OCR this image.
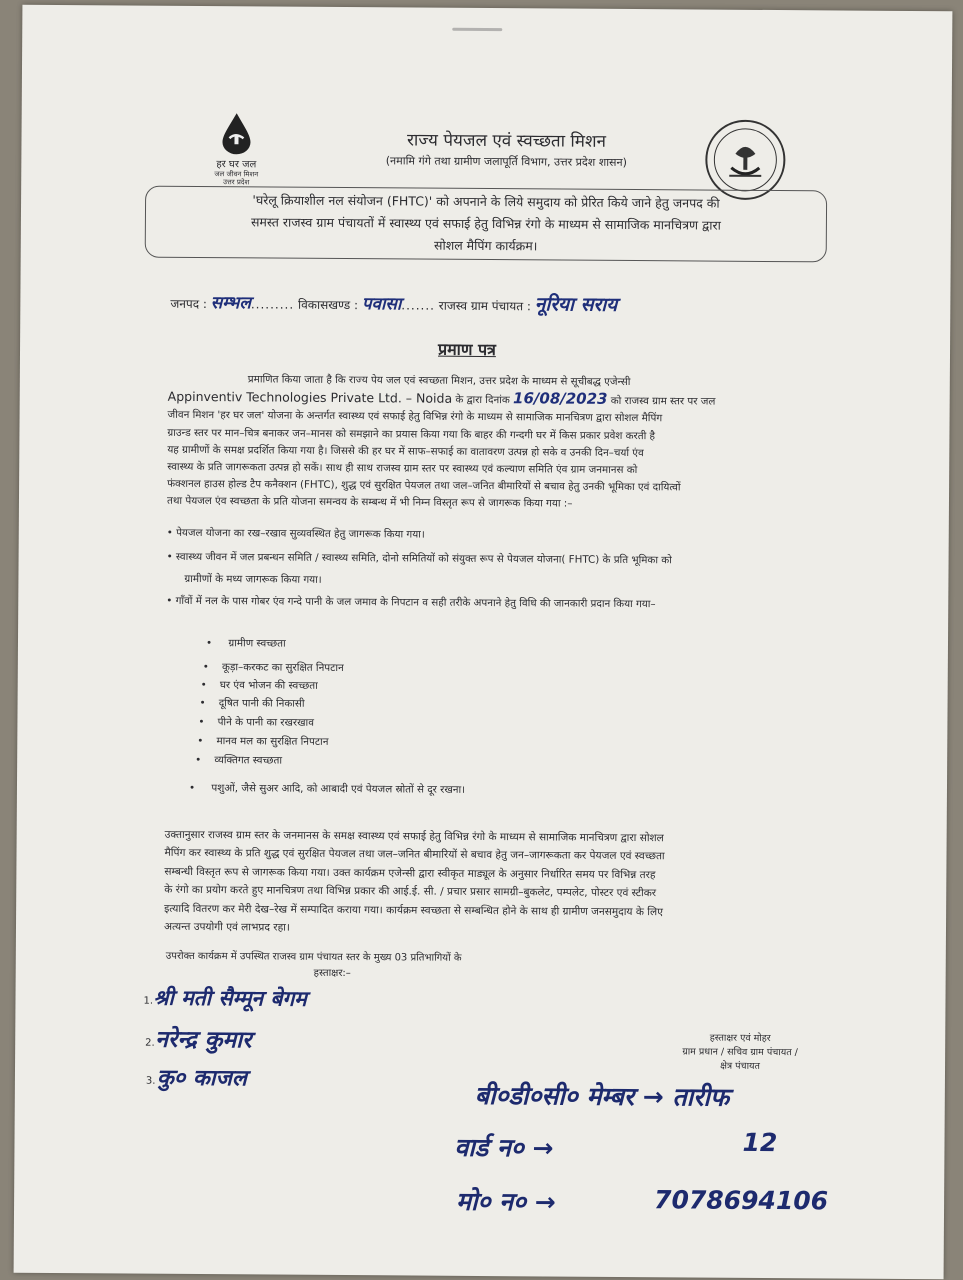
हर घर जल
जल जीवन मिशन
उत्तर प्रदेश
राज्य पेयजल एवं स्वच्छता मिशन
(नमामि गंगे तथा ग्रामीण जलापूर्ति विभाग, उत्तर प्रदेश शासन)
'घरेलू क्रियाशील नल संयोजन (FHTC)' को अपनाने के लिये समुदाय को प्रेरित किये जाने हेतु जनपद की
समस्त राजस्व ग्राम पंचायतों में स्वास्थ्य एवं सफाई हेतु विभिन्न रंगो के माध्यम से सामाजिक मानचित्रण द्वारा
सोशल मैपिंग कार्यक्रम।
जनपद : सम्भल......... विकासखण्ड : पवासा....... राजस्व ग्राम पंचायत : नूरिया सराय
प्रमाण पत्र
प्रमाणित किया जाता है कि राज्य पेय जल एवं स्वच्छता मिशन, उत्तर प्रदेश के माध्यम से सूचीबद्ध एजेन्सी
Appinventiv Technologies Private Ltd. – Noida के द्वारा दिनांक 16/08/2023 को राजस्व ग्राम स्तर पर जल
जीवन मिशन 'हर घर जल' योजना के अन्तर्गत स्वास्थ्य एवं सफाई हेतु विभिन्न रंगो के माध्यम से सामाजिक मानचित्रण द्वारा सोशल मैपिंग
ग्राउन्ड स्तर पर मान–चित्र बनाकर जन–मानस को समझाने का प्रयास किया गया कि बाहर की गन्दगी घर में किस प्रकार प्रवेश करती है
यह ग्रामीणों के समक्ष प्रदर्शित किया गया है। जिससे की हर घर में साफ–सफाई का वातावरण उत्पन्न हो सके व उनकी दिन–चर्या एंव
स्वास्थ्य के प्रति जागरूकता उत्पन्न हो सकें। साथ ही साथ राजस्व ग्राम स्तर पर स्वास्थ्य एवं कल्याण समिति एंव ग्राम जनमानस को
फंक्शनल हाउस होल्ड टैप कनैक्शन (FHTC), शुद्ध एवं सुरक्षित पेयजल तथा जल–जनित बीमारियों से बचाव हेतु उनकी भूमिका एवं दायित्वों
तथा पेयजल एंव स्वच्छता के प्रति योजना समन्वय के सम्बन्ध में भी निम्न विस्तृत रूप से जागरूक किया गया :–
• पेयजल योजना का रख–रखाव सुव्यवस्थित हेतु जागरूक किया गया।
• स्वास्थ्य जीवन में जल प्रबन्धन समिति / स्वास्थ्य समिति, दोनो समितियों को संयुक्त रूप से पेयजल योजना( FHTC) के प्रति भूमिका को
ग्रामीणों के मध्य जागरूक किया गया।
• गाँवों में नल के पास गोबर एंव गन्दे पानी के जल जमाव के निपटान व सही तरीके अपनाने हेतु विधि की जानकारी प्रदान किया गया–
•     ग्रामीण स्वच्छता
•    कूड़ा–करकट का सुरक्षित निपटान
•    घर एंव भोजन की स्वच्छता
•    दूषित पानी की निकासी
•    पीने के पानी का रखरखाव
•    मानव मल का सुरक्षित निपटान
•    व्यक्तिगत स्वच्छता
•     पशुओं, जैसे सुअर आदि, को आबादी एवं पेयजल स्रोतों से दूर रखना।
उक्तानुसार राजस्व ग्राम स्तर के जनमानस के समक्ष स्वास्थ्य एवं सफाई हेतु विभिन्न रंगो के माध्यम से सामाजिक मानचित्रण द्वारा सोशल
मैपिंग कर स्वास्थ्य के प्रति शुद्ध एवं सुरक्षित पेयजल तथा जल–जनित बीमारियों से बचाव हेतु जन–जागरूकता कर पेयजल एवं स्वच्छता
सम्बन्धी विस्तृत रूप से जागरूक किया गया। उक्त कार्यक्रम एजेन्सी द्वारा स्वीकृत माड्यूल के अनुसार निर्धारित समय पर विभिन्न तरह
के रंगो का प्रयोग करते हुए मानचित्रण तथा विभिन्न प्रकार की आई.ई. सी. / प्रचार प्रसार सामग्री–बुकलेट, पम्पलेट, पोस्टर एवं स्टीकर
इत्यादि वितरण कर मेरी देख–रेख में सम्पादित कराया गया। कार्यक्रम स्वच्छता से सम्बन्धित होने के साथ ही ग्रामीण जनसमुदाय के लिए
अत्यन्त उपयोगी एवं लाभप्रद रहा।
उपरोक्त कार्यक्रम में उपस्थित राजस्व ग्राम पंचायत स्तर के मुख्य 03 प्रतिभागियों के
हस्ताक्षर:–
1. श्री मती सैम्मून बेगम
2. नरेन्द्र कुमार
3. कु० काजल
हस्ताक्षर एवं मोहर
ग्राम प्रधान / सचिव ग्राम पंचायत /
क्षेत्र पंचायत
बी०डी०सी० मेम्बर → तारीफ
वार्ड न० →	12
मो० न० →	7078694106
